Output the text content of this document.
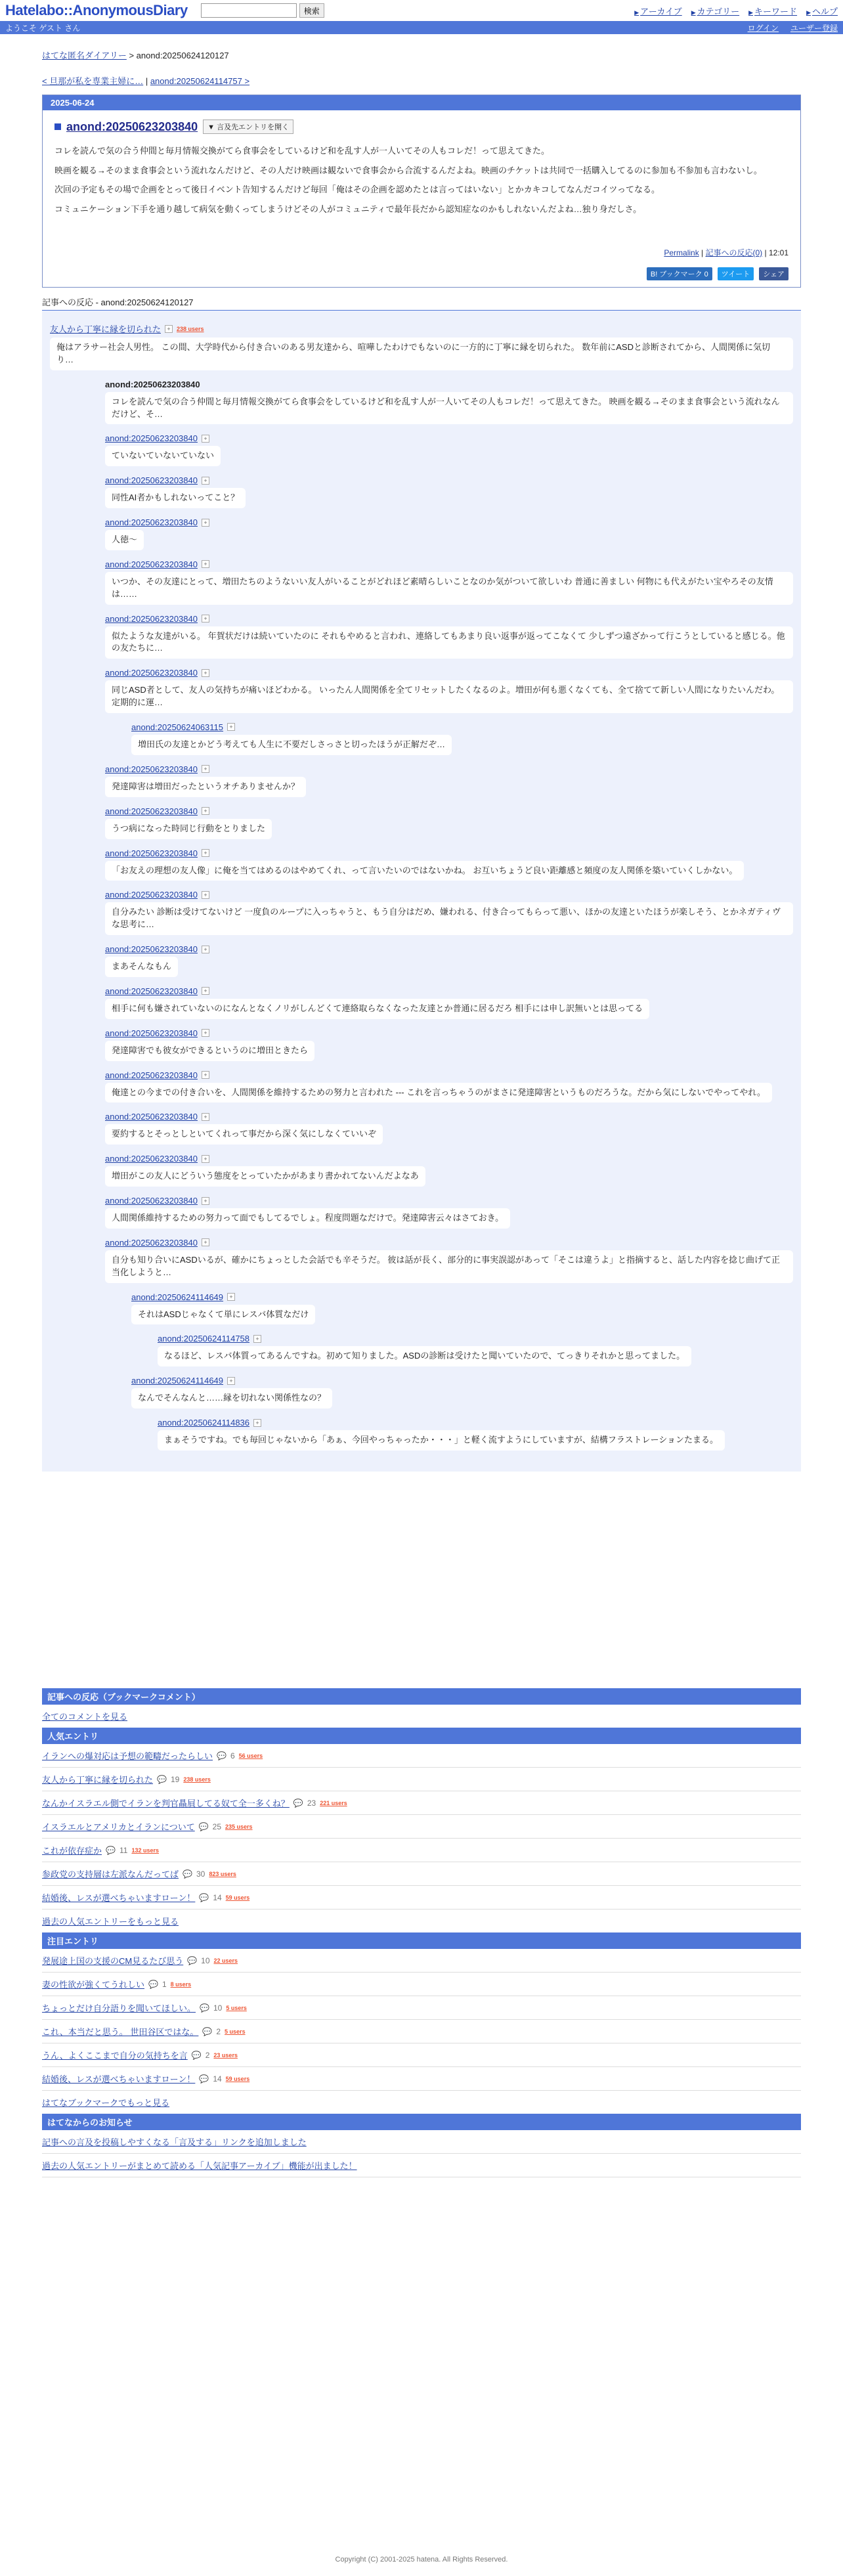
Hatelabo::AnonymousDiary	検索	▶ アーカイブ	▶ カテゴリー	▶ キーワード	▶ ヘルプ
ようこそ ゲスト さん	ログイン ユーザー登録
はてな匿名ダイアリー > anond:20250624120127
< 旦那が私を専業主婦に… | anond:20250624114757 >
2025-06-24
anond:20250623203840	▼ 言及先エントリを開く

コレを読んで気の合う仲間と毎月情報交換がてら食事会をしているけど和を乱す人が一人いてその人もコレだ！って思えてきた。

映画を観る→そのまま食事会という流れなんだけど、その人だけ映画は観ないで食事会から合流するんだよね。映画のチケットは共同で一括購入してるのに参加も不参加も言わないし。

次回の予定もその場で企画をとって後日イベント告知するんだけど毎回「俺はその企画を認めたとは言ってはいない」とかカキコしてなんだコイツってなる。

コミュニケーション下手を通り越して病気を動くってしまうけどその人がコミュニティで最年長だから認知症なのかもしれないんだよね…独り身だしさ。

Permalink | 記事への反応(0) | 12:01
B! ブックマーク 0	ツイート	シェア
記事への反応 - anond:20250624120127
友人から丁寧に縁を切られた	+	238 users
俺はアラサー社会人男性。 この間、大学時代から付き合いのある男友達から、喧嘩したわけでもないのに一方的に丁寧に縁を切られた。 数年前にASDと診断されてから、人間関係に気切り…
anond:20250623203840
コレを読んで気の合う仲間と毎月情報交換がてら食事会をしているけど和を乱す人が一人いてその人もコレだ！って思えてきた。 映画を観る→そのまま食事会という流れなんだけど、そ…
anond:20250623203840	+
ていないていないていない
anond:20250623203840	+
同性AI者かもしれないってこと？
anond:20250623203840	+
人徳〜
anond:20250623203840	+
いつか、その友達にとって、増田たちのようないい友人がいることがどれほど素晴らしいことなのか気がついて欲しいわ 普通に善ましい 何物にも代えがたい宝やろその友情は……
anond:20250623203840	+
似たような友達がいる。 年賀状だけは続いていたのに それもやめると言われ、連絡してもあまり良い返事が返ってこなくて 少しずつ遠ざかって行こうとしていると感じる。他の友たちに…
anond:20250623203840	+
同じASD者として、友人の気持ちが痛いほどわかる。 いったん人間関係を全てリセットしたくなるのよ。増田が何も悪くなくても、全て捨てて新しい人間になりたいんだわ。 定期的に運…
anond:20250624063115	+
増田氏の友達とかどう考えても人生に不要だしさっさと切ったほうが正解だぞ…
anond:20250623203840	+
発達障害は増田だったというオチありませんか？
anond:20250623203840	+
うつ病になった時同じ行動をとりました
anond:20250623203840	+
「お友えの理想の友人像」に俺を当てはめるのはやめてくれ、って言いたいのではないかね。 お互いちょうど良い距離感と頻度の友人関係を築いていくしかない。
anond:20250623203840	+
自分みたい 診断は受けてないけど 一度負のループに入っちゃうと、もう自分はだめ、嫌われる、付き合ってもらって悪い、ほかの友達といたほうが楽しそう、とかネガティヴな思考に…
anond:20250623203840	+
まあそんなもん
anond:20250623203840	+
相手に何も嫌されていないのになんとなくノリがしんどくて連絡取らなくなった友達とか普通に居るだろ 相手には申し訳無いとは思ってる
anond:20250623203840	+
発達障害でも彼女ができるというのに増田ときたら
anond:20250623203840	+
俺達との今までの付き合いを、人間関係を維持するための努力と言われた --- これを言っちゃうのがまさに発達障害というものだろうな。だから気にしないでやってやれ。
anond:20250623203840	+
要約するとそっとしといてくれって事だから深く気にしなくていいぞ
anond:20250623203840	+
増田がこの友人にどういう態度をとっていたかがあまり書かれてないんだよなあ
anond:20250623203840	+
人間関係維持するための努力って面でもしてるでしょ。程度問題なだけで。発達障害云々はさておき。
anond:20250623203840	+
自分も知り合いにASDいるが、確かにちょっとした会話でも辛そうだ。 彼は話が長く、部分的に事実誤認があって「そこは違うよ」と指摘すると、話した内容を捻じ曲げて正当化しようと…
anond:20250624114649	+
それはASDじゃなくて単にレスバ体質なだけ
anond:20250624114758	+
なるほど、レスバ体質ってあるんですね。初めて知りました。ASDの診断は受けたと聞いていたので、てっきりそれかと思ってました。
anond:20250624114649	+
なんでそんなんと……縁を切れない関係性なの？
anond:20250624114836	+
まぁそうですね。でも毎回じゃないから「あぁ、今回やっちゃったか・・・」と軽く流すようにしていますが、結構フラストレーションたまる。
記事への反応（ブックマークコメント）
全てのコメントを見る
人気エントリ
イランへの爆対応は予想の範疇だったらしい 💬 6 56 users
友人から丁寧に縁を切られた 💬 19 238 users
なんかイスラエル側でイランを判官贔屓してる奴て全一多くね？ 💬 23 221 users
イスラエルとアメリカとイランについて 💬 25 235 users
これが依存症か 💬 11 132 users
参政党の支持層は左派なんだってば 💬 30 823 users
結婚後、レスが選べちゃいますローン！ 💬 14 59 users
過去の人気エントリーをもっと見る
注目エントリ
発展途上国の支援のCM見るたび思う 💬 10 22 users
妻の性欲が強くてうれしい 💬 1 8 users
ちょっとだけ自分語りを聞いてほしい。 💬 10 5 users
これ、本当だと思う。 世田谷区ではな。 💬 2 5 users
うん、よくここまで自分の気持ちを言 💬 2 23 users
結婚後、レスが選べちゃいますローン！ 💬 14 59 users
はてなブックマークでもっと見る
はてなからのお知らせ
記事への言及を投稿しやすくなる「言及する」リンクを追加しました
過去の人気エントリーがまとめて読める「人気記事アーカイブ」機能が出ました！
Copyright (C) 2001-2025 hatena. All Rights Reserved.
